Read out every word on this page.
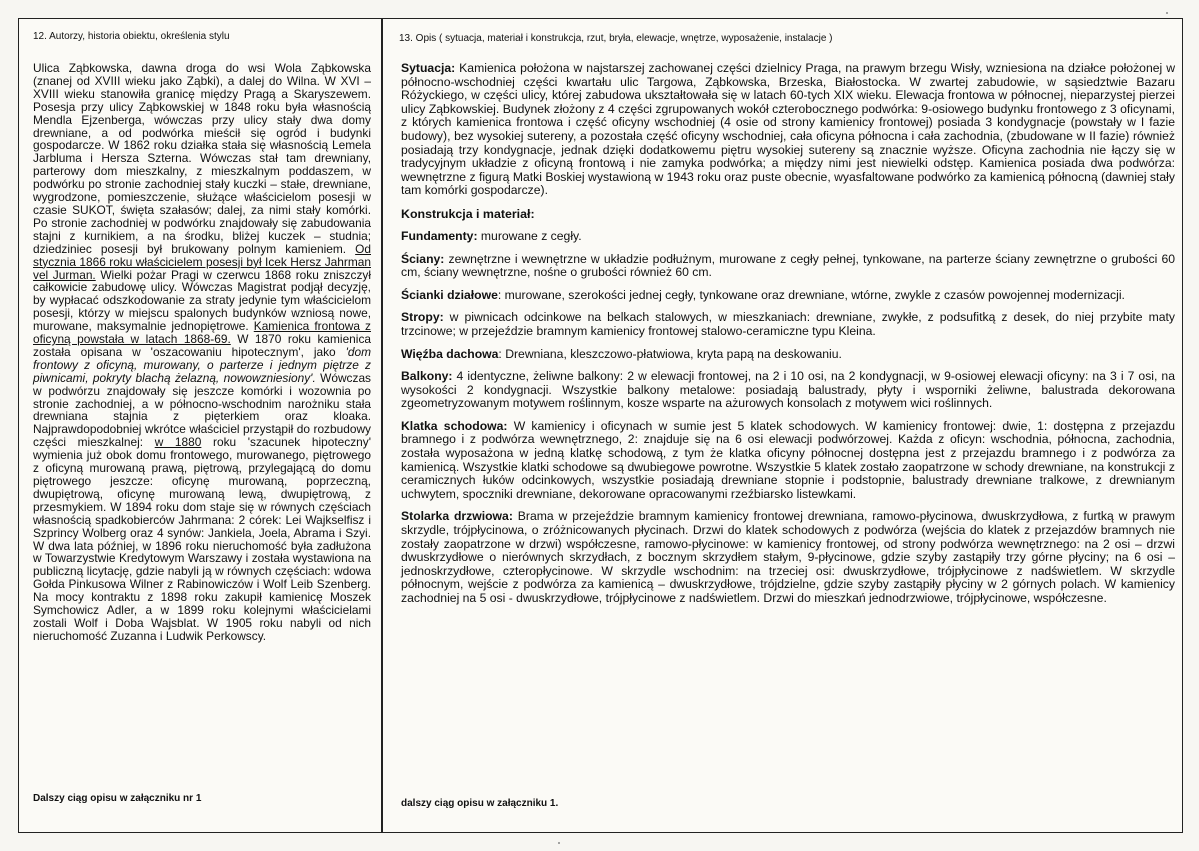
12. Autorzy, historia obiektu, określenia stylu

Ulica Ząbkowska, dawna droga do wsi Wola Ząbkowska (znanej od XVIII wieku jako Ząbki), a dalej do Wilna. W XVI – XVIII wieku stanowiła granicę między Pragą a Skaryszewem. Posesja przy ulicy Ząbkowskiej w 1848 roku była własnością Mendla Ejzenberga, wówczas przy ulicy stały dwa domy drewniane, a od podwórka mieścił się ogród i budynki gospodarcze. W 1862 roku działka stała się własnością Lemela Jarbluma i Hersza Szterna. Wówczas stał tam drewniany, parterowy dom mieszkalny, z mieszkalnym poddaszem, w podwórku po stronie zachodniej stały kuczki – stałe, drewniane, wygrodzone, pomieszczenie, służące właścicielom posesji w czasie SUKOT, święta szałasów; dalej, za nimi stały komórki. Po stronie zachodniej w podwórku znajdowały się zabudowania stajni z kurnikiem, a na środku, bliżej kuczek – studnia; dziedziniec posesji był brukowany polnym kamieniem. Od stycznia 1866 roku właścicielem posesji był Icek Hersz Jahrman vel Jurman. Wielki pożar Pragi w czerwcu 1868 roku zniszczył całkowicie zabudowę ulicy. Wówczas Magistrat podjął decyzję, by wypłacać odszkodowanie za straty jedynie tym właścicielom posesji, którzy w miejscu spalonych budynków wzniosą nowe, murowane, maksymalnie jednopiętrowe. Kamienica frontowa z oficyną powstała w latach 1868-69. W 1870 roku kamienica została opisana w 'oszacowaniu hipotecznym', jako 'dom frontowy z oficyną, murowany, o parterze i jednym piętrze z piwnicami, pokryty blachą żelazną, nowowzniesiony'. Wówczas w podwórzu znajdowały się jeszcze komórki i wozownia po stronie zachodniej, a w północno-wschodnim narożniku stała drewniana stajnia z pięterkiem oraz kloaka. Najprawdopodobniej wkrótce właściciel przystąpił do rozbudowy części mieszkalnej: w 1880 roku 'szacunek hipoteczny' wymienia już obok domu frontowego, murowanego, piętrowego z oficyną murowaną prawą, piętrową, przylegającą do domu piętrowego jeszcze: oficynę murowaną, poprzeczną, dwupiętrową, oficynę murowaną lewą, dwupiętrową, z przesmykiem. W 1894 roku dom staje się w równych częściach własnością spadkobierców Jahrmana: 2 córek: Lei Wajkselfisz i Szprincy Wolberg oraz 4 synów: Jankiela, Joela, Abrama i Szyi. W dwa lata później, w 1896 roku nieruchomość była zadłużona w Towarzystwie Kredytowym Warszawy i została wystawiona na publiczną licytację, gdzie nabyli ją w równych częściach: wdowa Gołda Pinkusowa Wilner z Rabinowiczów i Wolf Leib Szenberg. Na mocy kontraktu z 1898 roku zakupił kamienicę Moszek Symchowicz Adler, a w 1899 roku kolejnymi właścicielami zostali Wolf i Doba Wajsblat. W 1905 roku nabyli od nich nieruchomość Zuzanna i Ludwik Perkowscy.

Dalszy ciąg opisu w załączniku nr 1
13. Opis ( sytuacja, materiał i konstrukcja, rzut, bryła, elewacje, wnętrze, wyposażenie, instalacje )

Sytuacja: Kamienica położona w najstarszej zachowanej części dzielnicy Praga, na prawym brzegu Wisły, wzniesiona na działce położonej w północno-wschodniej części kwartału ulic Targowa, Ząbkowska, Brzeska, Białostocka. W zwartej zabudowie, w sąsiedztwie Bazaru Różyckiego, w części ulicy, której zabudowa ukształtowała się w latach 60-tych XIX wieku. Elewacja frontowa w północnej, nieparzystej pierzei ulicy Ząbkowskiej. Budynek złożony z 4 części zgrupowanych wokół czterobocznego podwórka: 9-osiowego budynku frontowego z 3 oficynami, z których kamienica frontowa i część oficyny wschodniej (4 osie od strony kamienicy frontowej) posiada 3 kondygnacje (powstały w I fazie budowy), bez wysokiej sutereny, a pozostała część oficyny wschodniej, cała oficyna północna i cała zachodnia, (zbudowane w II fazie) również posiadają trzy kondygnacje, jednak dzięki dodatkowemu piętru wysokiej sutereny są znacznie wyższe. Oficyna zachodnia nie łączy się w tradycyjnym układzie z oficyną frontową i nie zamyka podwórka; a między nimi jest niewielki odstęp. Kamienica posiada dwa podwórza: wewnętrzne z figurą Matki Boskiej wystawioną w 1943 roku oraz puste obecnie, wyasfaltowane podwórko za kamienicą północną (dawniej stały tam komórki gospodarcze).

Konstrukcja i materiał:

Fundamenty: murowane z cegły.

Ściany: zewnętrzne i wewnętrzne w układzie podłużnym, murowane z cegły pełnej, tynkowane, na parterze ściany zewnętrzne o grubości 60 cm, ściany wewnętrzne, nośne o grubości również 60 cm.

Ścianki działowe: murowane, szerokości jednej cegły, tynkowane oraz drewniane, wtórne, zwykle z czasów powojennej modernizacji.

Stropy: w piwnicach odcinkowe na belkach stalowych, w mieszkaniach: drewniane, zwykłe, z podsufitką z desek, do niej przybite maty trzcinowe; w przejeździe bramnym kamienicy frontowej stalowo-ceramiczne typu Kleina.

Więźba dachowa: Drewniana, kleszczowo-płatwiowa, kryta papą na deskowaniu.

Balkony: 4 identyczne, żeliwne balkony: 2 w elewacji frontowej, na 2 i 10 osi, na 2 kondygnacji, w 9-osiowej elewacji oficyny: na 3 i 7 osi, na wysokości 2 kondygnacji. Wszystkie balkony metalowe: posiadają balustrady, płyty i wsporniki żeliwne, balustrada dekorowana zgeometryzowanym motywem roślinnym, kosze wsparte na ażurowych konsolach z motywem wici roślinnych.

Klatka schodowa: W kamienicy i oficynach w sumie jest 5 klatek schodowych. W kamienicy frontowej: dwie, 1: dostępna z przejazdu bramnego i z podwórza wewnętrznego, 2: znajduje się na 6 osi elewacji podwórzowej. Każda z oficyn: wschodnia, północna, zachodnia, została wyposażona w jedną klatkę schodową, z tym że klatka oficyny północnej dostępna jest z przejazdu bramnego i z podwórza za kamienicą. Wszystkie klatki schodowe są dwubiegowe powrotne. Wszystkie 5 klatek zostało zaopatrzone w schody drewniane, na konstrukcji z ceramicznych łuków odcinkowych, wszystkie posiadają drewniane stopnie i podstopnie, balustrady drewniane tralkowe, z drewnianym uchwytem, spoczniki drewniane, dekorowane opracowanymi rzeźbiarsko listewkami.

Stolarka drzwiowa: Brama w przejeździe bramnym kamienicy frontowej drewniana, ramowo-płycinowa, dwuskrzydłowa, z furtką w prawym skrzydle, trójpłycinowa, o zróżnicowanych płycinach. Drzwi do klatek schodowych z podwórza (wejścia do klatek z przejazdów bramnych nie zostały zaopatrzone w drzwi) współczesne, ramowo-płycinowe: w kamienicy frontowej, od strony podwórza wewnętrznego: na 2 osi – drzwi dwuskrzydłowe o nierównych skrzydłach, z bocznym skrzydłem stałym, 9-płycinowe, gdzie szyby zastąpiły trzy górne płyciny; na 6 osi – jednoskrzydłowe, czteropłycinowe. W skrzydle wschodnim: na trzeciej osi: dwuskrzydłowe, trójpłycinowe z nadświetlem. W skrzydle północnym, wejście z podwórza za kamienicą – dwuskrzydłowe, trójdzielne, gdzie szyby zastąpiły płyciny w 2 górnych polach. W kamienicy zachodniej na 5 osi - dwuskrzydłowe, trójpłycinowe z nadświetlem. Drzwi do mieszkań jednodrzwiowe, trójpłycinowe, współczesne.

dalszy ciąg opisu w załączniku 1.
